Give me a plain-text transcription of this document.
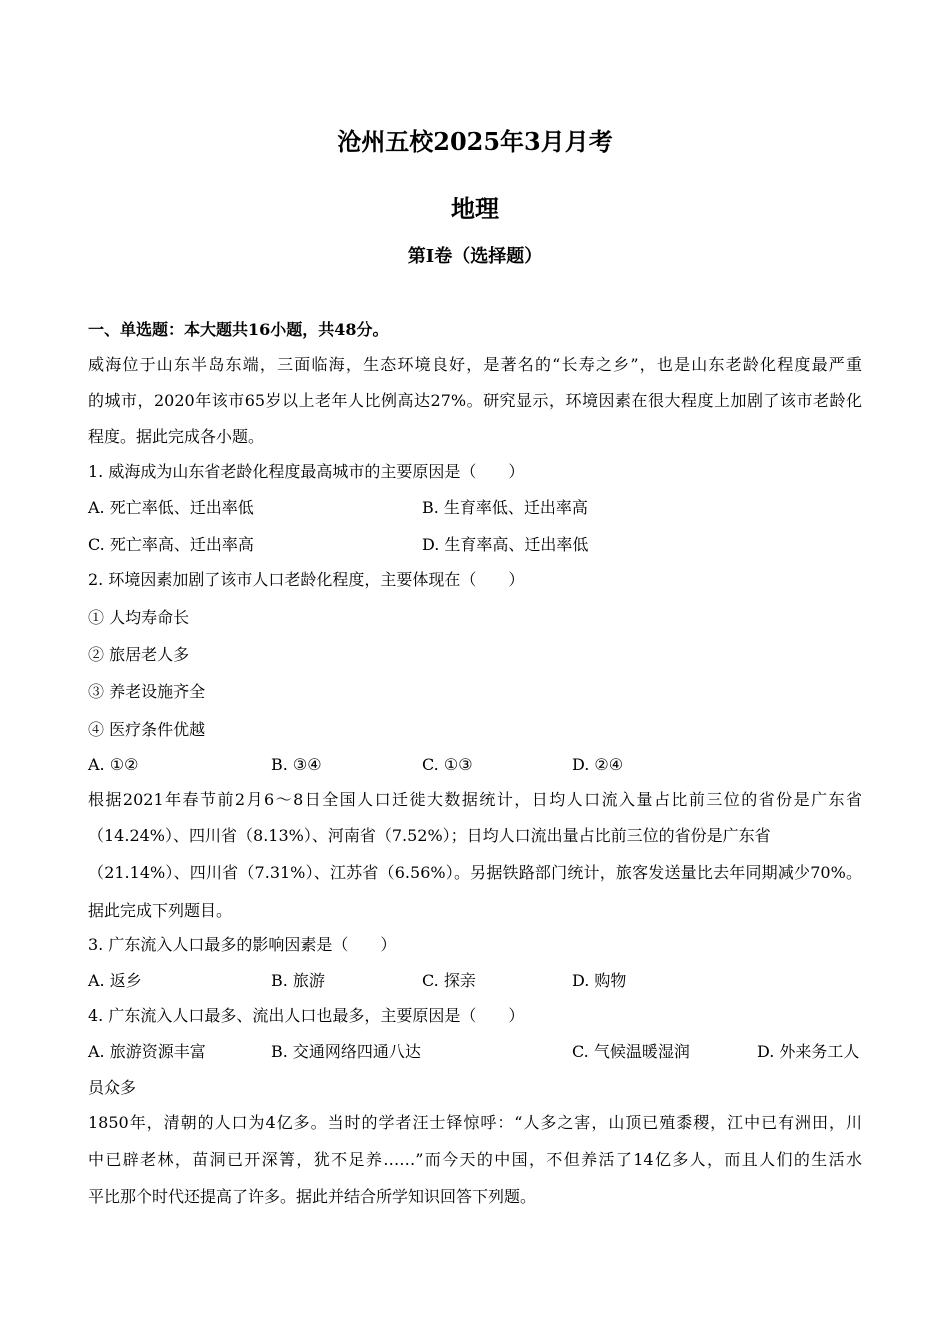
沧州五校2025年3月月考
地理
第I卷（选择题）
一、单选题：本大题共16小题，共48分。
威海位于山东半岛东端，三面临海，生态环境良好，是著名的“长寿之乡”，也是山东老龄化程度最严重
的城市，2020年该市65岁以上老年人比例高达27%。研究显示，环境因素在很大程度上加剧了该市老龄化
程度。据此完成各小题。
1. 威海成为山东省老龄化程度最高城市的主要原因是（　　）
A. 死亡率低、迁出率低	B. 生育率低、迁出率高
C. 死亡率高、迁出率高	D. 生育率高、迁出率低
2. 环境因素加剧了该市人口老龄化程度，主要体现在（　　）
① 人均寿命长
② 旅居老人多
③ 养老设施齐全
④ 医疗条件优越
A. ①②	B. ③④	C. ①③	D. ②④
根据2021年春节前2月6～8日全国人口迁徙大数据统计，日均人口流入量占比前三位的省份是广东省
（14.24%）、四川省（8.13%）、河南省（7.52%）；日均人口流出量占比前三位的省份是广东省
（21.14%）、四川省（7.31%）、江苏省（6.56%）。另据铁路部门统计，旅客发送量比去年同期减少70%。
据此完成下列题目。
3. 广东流入人口最多的影响因素是（　　）
A. 返乡	B. 旅游	C. 探亲	D. 购物
4. 广东流入人口最多、流出人口也最多，主要原因是（　　）
A. 旅游资源丰富	B. 交通网络四通八达	C. 气候温暖湿润	D. 外来务工人
员众多
1850年，清朝的人口为4亿多。当时的学者汪士铎惊呼：“人多之害，山顶已殖黍稷，江中已有洲田，川
中已辟老林，苗洞已开深箐，犹不足养……”而今天的中国，不但养活了14亿多人，而且人们的生活水
平比那个时代还提高了许多。据此并结合所学知识回答下列题。
